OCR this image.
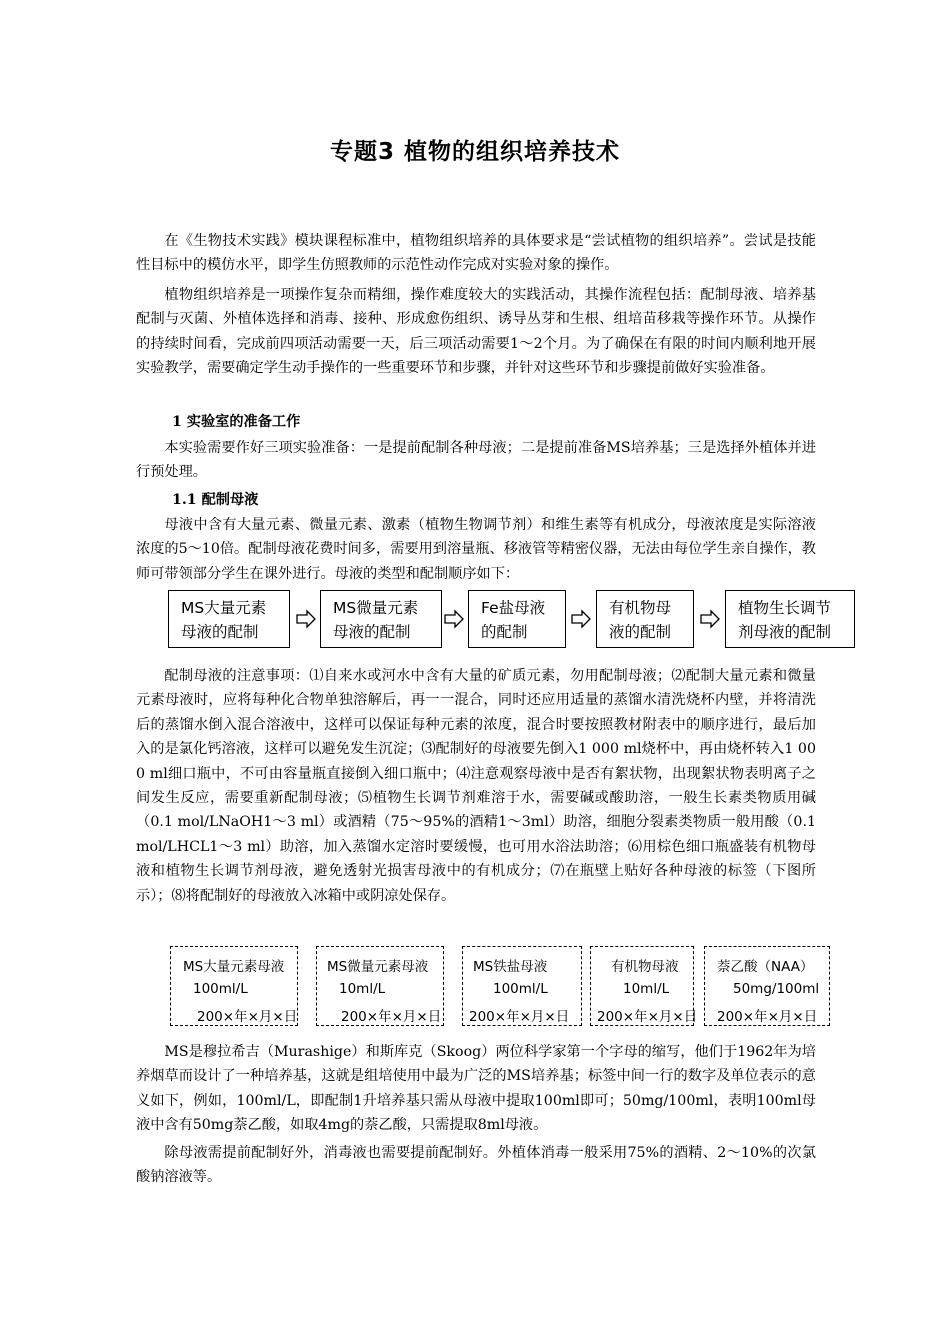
专题3 植物的组织培养技术

在《生物技术实践》模块课程标准中，植物组织培养的具体要求是“尝试植物的组织培养”。尝试是技能性目标中的模仿水平，即学生仿照教师的示范性动作完成对实验对象的操作。

植物组织培养是一项操作复杂而精细，操作难度较大的实践活动，其操作流程包括：配制母液、培养基配制与灭菌、外植体选择和消毒、接种、形成愈伤组织、诱导丛芽和生根、组培苗移栽等操作环节。从操作的持续时间看，完成前四项活动需要一天，后三项活动需要1～2个月。为了确保在有限的时间内顺利地开展实验教学，需要确定学生动手操作的一些重要环节和步骤，并针对这些环节和步骤提前做好实验准备。

1 实验室的准备工作

本实验需要作好三项实验准备：一是提前配制各种母液；二是提前准备MS培养基；三是选择外植体并进行预处理。

1.1 配制母液

母液中含有大量元素、微量元素、激素（植物生物调节剂）和维生素等有机成分，母液浓度是实际溶液浓度的5～10倍。配制母液花费时间多，需要用到溶量瓶、移液管等精密仪器，无法由每位学生亲自操作，教师可带领部分学生在课外进行。母液的类型和配制顺序如下：

MS大量元素
母液的配制
MS微量元素
母液的配制
Fe盐母液
的配制
有机物母
液的配制
植物生长调节
剂母液的配制

配制母液的注意事项：⑴自来水或河水中含有大量的矿质元素，勿用配制母液；⑵配制大量元素和微量元素母液时，应将每种化合物单独溶解后，再一一混合，同时还应用适量的蒸馏水清洗烧杯内壁，并将清洗后的蒸馏水倒入混合溶液中，这样可以保证每种元素的浓度，混合时要按照教材附表中的顺序进行，最后加入的是氯化钙溶液，这样可以避免发生沉淀；⑶配制好的母液要先倒入1 000 ml烧杯中，再由烧杯转入1 000 ml细口瓶中，不可由容量瓶直接倒入细口瓶中；⑷注意观察母液中是否有絮状物，出现絮状物表明离子之间发生反应，需要重新配制母液；⑸植物生长调节剂难溶于水，需要碱或酸助溶，一般生长素类物质用碱（0.1 mol/LNaOH1～3 ml）或酒精（75～95%的酒精1～3ml）助溶，细胞分裂素类物质一般用酸（0.1 mol/LHCL1～3 ml）助溶，加入蒸馏水定溶时要缓慢，也可用水浴法助溶；⑹用棕色细口瓶盛装有机物母液和植物生长调节剂母液，避免透射光损害母液中的有机成分；⑺在瓶壁上贴好各种母液的标签（下图所示）；⑻将配制好的母液放入冰箱中或阴凉处保存。

MS大量元素母液
100ml/L
200×年×月×日
MS微量元素母液
10ml/L
200×年×月×日
MS铁盐母液
100ml/L
200×年×月×日
有机物母液
10ml/L
200×年×月×日
萘乙酸（NAA）
50mg/100ml
200×年×月×日

MS是穆拉希吉（Murashige）和斯库克（Skoog）两位科学家第一个字母的缩写，他们于1962年为培养烟草而设计了一种培养基，这就是组培使用中最为广泛的MS培养基；标签中间一行的数字及单位表示的意义如下，例如，100ml/L，即配制1升培养基只需从母液中提取100ml即可；50mg/100ml，表明100ml母液中含有50mg萘乙酸，如取4mg的萘乙酸，只需提取8ml母液。

除母液需提前配制好外，消毒液也需要提前配制好。外植体消毒一般采用75%的酒精、2～10%的次氯酸钠溶液等。
